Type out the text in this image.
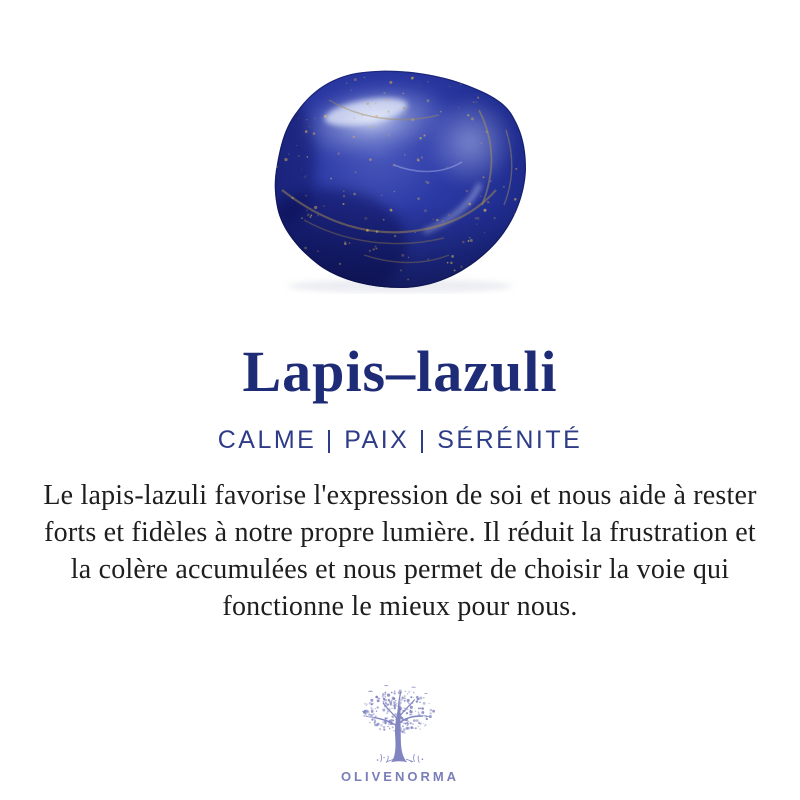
Lapis–lazuli
CALME | PAIX | SÉRÉNITÉ

Le lapis-lazuli favorise l'expression de soi et nous aide à rester forts et fidèles à notre propre lumière. Il réduit la frustration et la colère accumulées et nous permet de choisir la voie qui fonctionne le mieux pour nous.

OLIVENORMA
